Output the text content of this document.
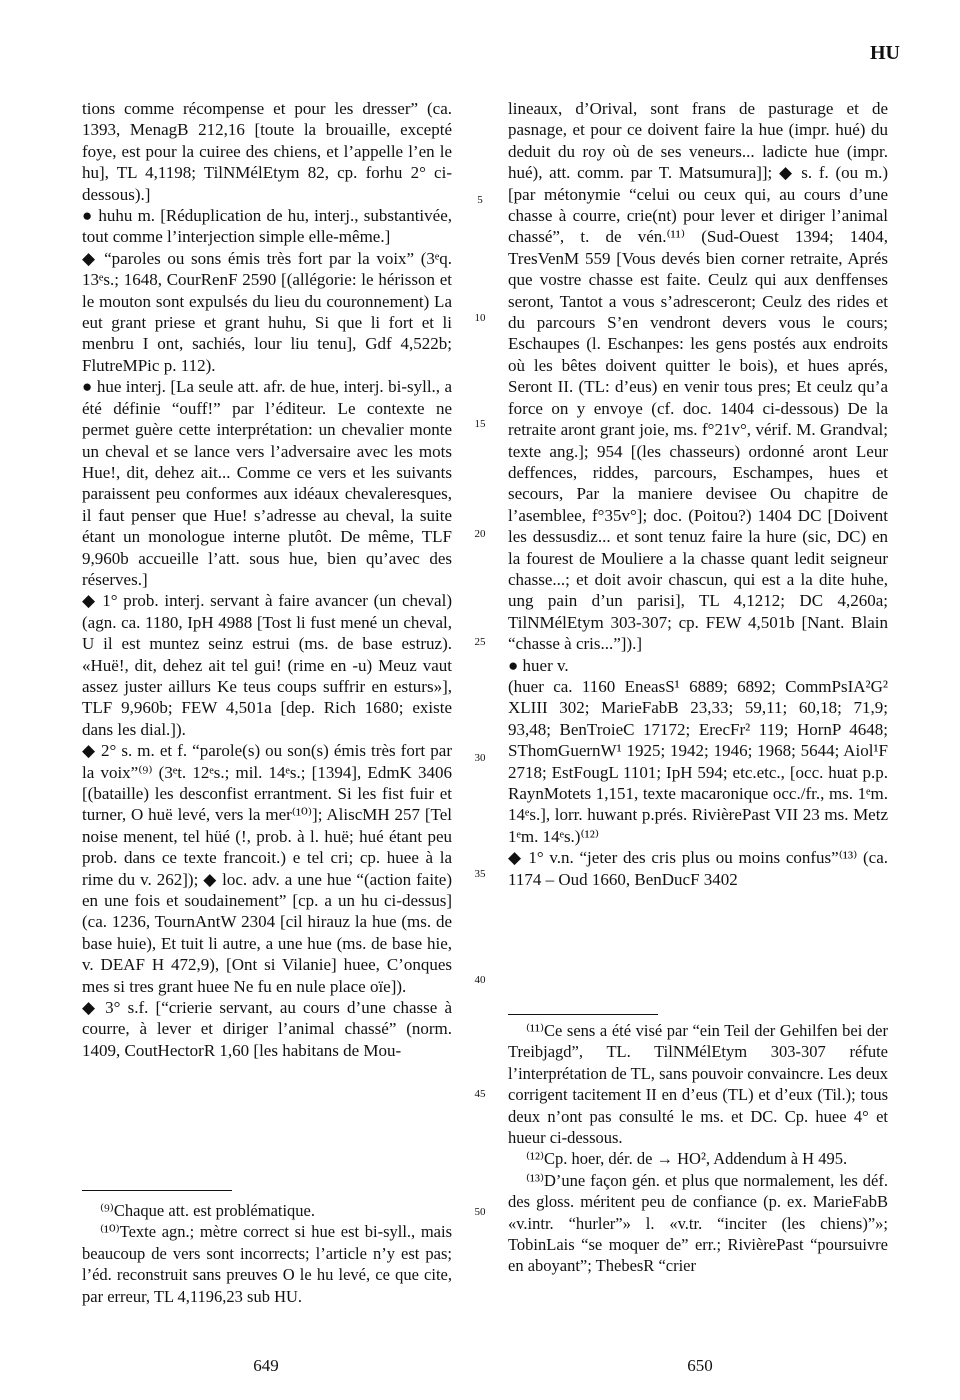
HU

tions comme récompense et pour les dresser” (ca. 1393, MenagB 212,16 [toute la brouaille, excepté foye, est pour la cuiree des chiens, et l’appelle l’en le hu], TL 4,1198; TilNMélEtym 82, cp. forhu 2° ci-dessous).]

● huhu m. [Réduplication de hu, interj., substantivée, tout comme l’interjection simple elle-même.]

◆ “paroles ou sons émis très fort par la voix” (3ᵉq. 13ᵉs.; 1648, CourRenF 2590 [(allégorie: le hérisson et le mouton sont expulsés du lieu du couronnement) La eut grant priese et grant huhu, Si que li fort et li menbru I ont, sachiés, lour liu tenu], Gdf 4,522b; FlutreMPic p. 112).

● hue interj. [La seule att. afr. de hue, interj. bi-syll., a été définie “ouff!” par l’éditeur. Le contexte ne permet guère cette interprétation: un chevalier monte un cheval et se lance vers l’adversaire avec les mots Hue!, dit, dehez ait... Comme ce vers et les suivants paraissent peu conformes aux idéaux chevaleresques, il faut penser que Hue! s’adresse au cheval, la suite étant un monologue interne plutôt. De même, TLF 9,960b accueille l’att. sous hue, bien qu’avec des réserves.]

◆ 1° prob. interj. servant à faire avancer (un cheval) (agn. ca. 1180, IpH 4988 [Tost li fust mené un cheval, U il est muntez seinz estrui (ms. de base estruz). «Huë!, dit, dehez ait tel gui! (rime en -u) Meuz vaut assez juster aillurs Ke teus coups suffrir en esturs»], TLF 9,960b; FEW 4,501a [dep. Rich 1680; existe dans les dial.]).

◆ 2° s. m. et f. “parole(s) ou son(s) émis très fort par la voix”⁽⁹⁾ (3ᵉt. 12ᵉs.; mil. 14ᵉs.; [1394], EdmK 3406 [(bataille) les desconfist errantment. Si les fist fuir et turner, O huë levé, vers la mer⁽¹⁰⁾]; AliscMH 257 [Tel noise menent, tel hüé (!, prob. à l. huë; hué étant peu prob. dans ce texte francoit.) e tel cri; cp. huee à la rime du v. 262]); ◆ loc. adv. a une hue “(action faite) en une fois et soudainement” [cp. a un hu ci-dessus] (ca. 1236, TournAntW 2304 [cil hirauz la hue (ms. de base huie), Et tuit li autre, a une hue (ms. de base hie, v. DEAF H 472,9), [Ont si Vilanie] huee, C’onques mes si tres grant huee Ne fu en nule place oïe]).

◆ 3° s.f. [“crierie servant, au cours d’une chasse à courre, à lever et diriger l’animal chassé” (norm. 1409, CoutHectorR 1,60 [les habitans de Mou-

5
10
15
20
25
30
35
40
45
50

lineaux, d’Orival, sont frans de pasturage et de pasnage, et pour ce doivent faire la hue (impr. hué) du deduit du roy où de ses veneurs... ladicte hue (impr. hué), att. comm. par T. Matsumura]]; ◆ s. f. (ou m.) [par métonymie “celui ou ceux qui, au cours d’une chasse à courre, crie(nt) pour lever et diriger l’animal chassé”, t. de vén.⁽¹¹⁾ (Sud-Ouest 1394; 1404, TresVenM 559 [Vous devés bien corner retraite, Aprés que vostre chasse est faite. Ceulz qui aux denffenses seront, Tantot a vous s’adresceront; Ceulz des rides et du parcours S’en vendront devers vous le cours; Eschaupes (l. Eschanpes: les gens postés aux endroits où les bêtes doivent quitter le bois), et hues aprés, Seront II. (TL: d’eus) en venir tous pres; Et ceulz qu’a force on y envoye (cf. doc. 1404 ci-dessous) De la retraite aront grant joie, ms. f°21v°, vérif. M. Grandval; texte ang.]; 954 [(les chasseurs) ordonné aront Leur deffences, riddes, parcours, Eschampes, hues et secours, Par la maniere devisee Ou chapitre de l’asemblee, f°35v°]; doc. (Poitou?) 1404 DC [Doivent les dessusdiz... et sont tenuz faire la hure (sic, DC) en la fourest de Mouliere a la chasse quant ledit seigneur chasse...; et doit avoir chascun, qui est a la dite huhe, ung pain d’un parisi], TL 4,1212; DC 4,260a; TilNMélEtym 303-307; cp. FEW 4,501b [Nant. Blain “chasse à cris...”]).]

● huer v.

(huer ca. 1160 EneasS¹ 6889; 6892; CommPsIA²G² XLIII 302; MarieFabB 23,33; 59,11; 60,18; 71,9; 93,48; BenTroieC 17172; ErecFr² 119; HornP 4648; SThomGuernW¹ 1925; 1942; 1946; 1968; 5644; Aiol¹F 2718; EstFougL 1101; IpH 594; etc.etc., [occ. huat p.p. RaynMotets 1,151, texte macaronique occ./fr., ms. 1ᵉm. 14ᵉs.], lorr. huwant p.prés. RivièrePast VII 23 ms. Metz 1ᵉm. 14ᵉs.)⁽¹²⁾

◆ 1° v.n. “jeter des cris plus ou moins confus”⁽¹³⁾ (ca. 1174 – Oud 1660, BenDucF 3402

⁽⁹⁾Chaque att. est problématique.

⁽¹⁰⁾Texte agn.; mètre correct si hue est bi-syll., mais beaucoup de vers sont incorrects; l’article n’y est pas; l’éd. reconstruit sans preuves O le hu levé, ce que cite, par erreur, TL 4,1196,23 sub HU.

⁽¹¹⁾Ce sens a été visé par “ein Teil der Gehilfen bei der Treibjagd”, TL. TilNMélEtym 303-307 réfute l’interprétation de TL, sans pouvoir convaincre. Les deux corrigent tacitement II en d’eus (TL) et d’eux (Til.); tous deux n’ont pas consulté le ms. et DC. Cp. huee 4° et hueur ci-dessous.

⁽¹²⁾Cp. hoer, dér. de → HO², Addendum à H 495.

⁽¹³⁾D’une façon gén. et plus que normalement, les déf. des gloss. méritent peu de confiance (p. ex. MarieFabB «v.intr. “hurler”» l. «v.tr. “inciter (les chiens)”»; TobinLais “se moquer de” err.; RivièrePast “poursuivre en aboyant”; ThebesR “crier

649	650
